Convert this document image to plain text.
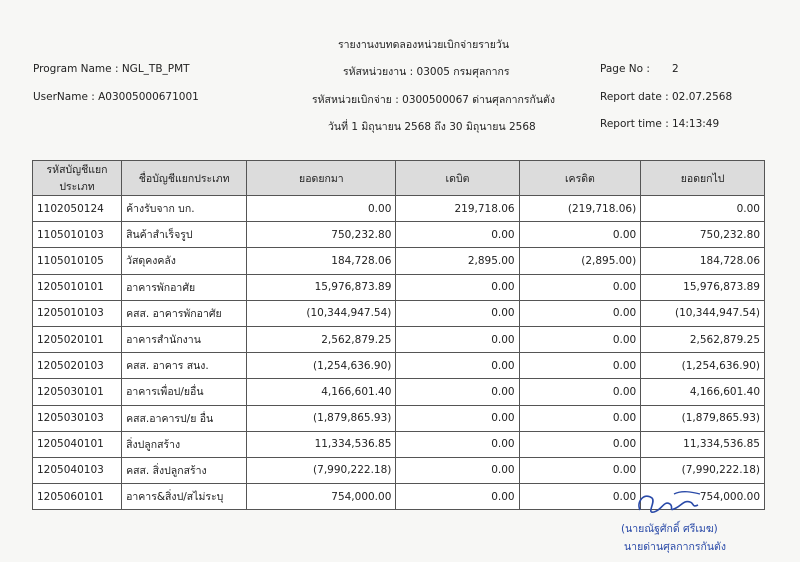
รายงานงบทดลองหน่วยเบิกจ่ายรายวัน
Program Name : NGL_TB_PMT	รหัสหน่วยงาน : 03005 กรมศุลกากร	Page No : 2
UserName : A03005000671001	รหัสหน่วยเบิกจ่าย : 0300500067 ด่านศุลกากรกันตัง	Report date : 02.07.2568
วันที่ 1 มิถุนายน 2568 ถึง 30 มิถุนายน 2568	Report time : 14:13:49
รหัสบัญชีแยกประเภท	ชื่อบัญชีแยกประเภท	ยอดยกมา	เดบิต	เครดิต	ยอดยกไป
1102050124	ค้างรับจาก บก.	0.00	219,718.06	(219,718.06)	0.00
1105010103	สินค้าสำเร็จรูป	750,232.80	0.00	0.00	750,232.80
1105010105	วัสดุคงคลัง	184,728.06	2,895.00	(2,895.00)	184,728.06
1205010101	อาคารพักอาศัย	15,976,873.89	0.00	0.00	15,976,873.89
1205010103	คสส. อาคารพักอาศัย	(10,344,947.54)	0.00	0.00	(10,344,947.54)
1205020101	อาคารสำนักงาน	2,562,879.25	0.00	0.00	2,562,879.25
1205020103	คสส. อาคาร สนง.	(1,254,636.90)	0.00	0.00	(1,254,636.90)
1205030101	อาคารเพื่อป/ยอื่น	4,166,601.40	0.00	0.00	4,166,601.40
1205030103	คสส.อาคารป/ย อื่น	(1,879,865.93)	0.00	0.00	(1,879,865.93)
1205040101	สิ่งปลูกสร้าง	11,334,536.85	0.00	0.00	11,334,536.85
1205040103	คสส. สิ่งปลูกสร้าง	(7,990,222.18)	0.00	0.00	(7,990,222.18)
1205060101	อาคาร&สิ่งป/สไม่ระบุ	754,000.00	0.00	0.00	754,000.00
(นายณัฐศักดิ์ ศรีเมฆ)
นายด่านศุลกากรกันตัง
